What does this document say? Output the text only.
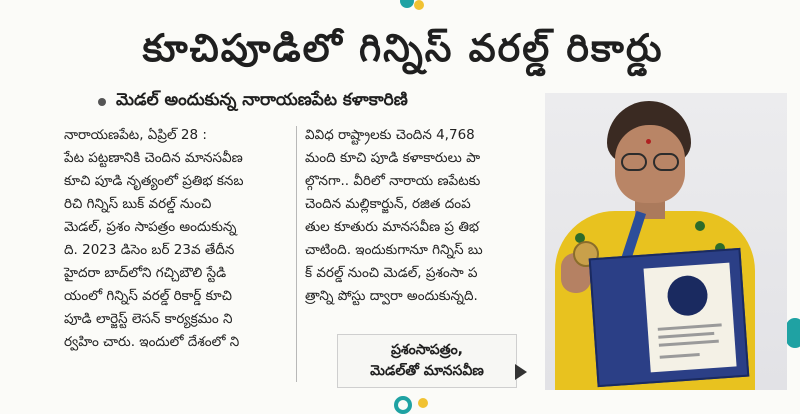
కూచిపూడిలో గిన్నిస్ వరల్డ్ రికార్డు
మెడల్ అందుకున్న నారాయణపేట కళాకారిణి
నారాయణపేట, ఏప్రిల్ 28 :
పేట పట్టణానికి చెందిన మానసవీణ
కూచి పూడి నృత్యంలో ప్రతిభ కనబ
రిచి గిన్నిస్ బుక్ వరల్డ్ నుంచి
మెడల్, ప్రశం సాపత్రం అందుకున్న
ది. 2023 డిసెం బర్ 23వ తేదీన
హైదరా బాద్‌లోని గచ్చిబౌలి స్టేడి
యంలో గిన్నిస్ వరల్డ్ రికార్డ్ కూచి
పూడి లార్జెస్ట్ లెసన్ కార్యక్రమం ని
ర్వహిం చారు. ఇందులో దేశంలో ని
వివిధ రాష్ట్రాలకు చెందిన 4,768
మంది కూచి పూడి కళాకారులు పా
ల్గొనగా.. వీరిలో నారాయ ణపేటకు
చెందిన మల్లికార్జున్, రజిత దంప
తుల కూతురు మానసవీణ ప్ర తిభ
చాటింది. ఇందుకుగానూ గిన్నిస్ బు
క్ వరల్డ్ నుంచి మెడల్, ప్రశంసా ప
త్రాన్ని పోస్టు ద్వారా అందుకున్నది.
ప్రశంసాపత్రం,
మెడల్‌తో మానసవీణ
